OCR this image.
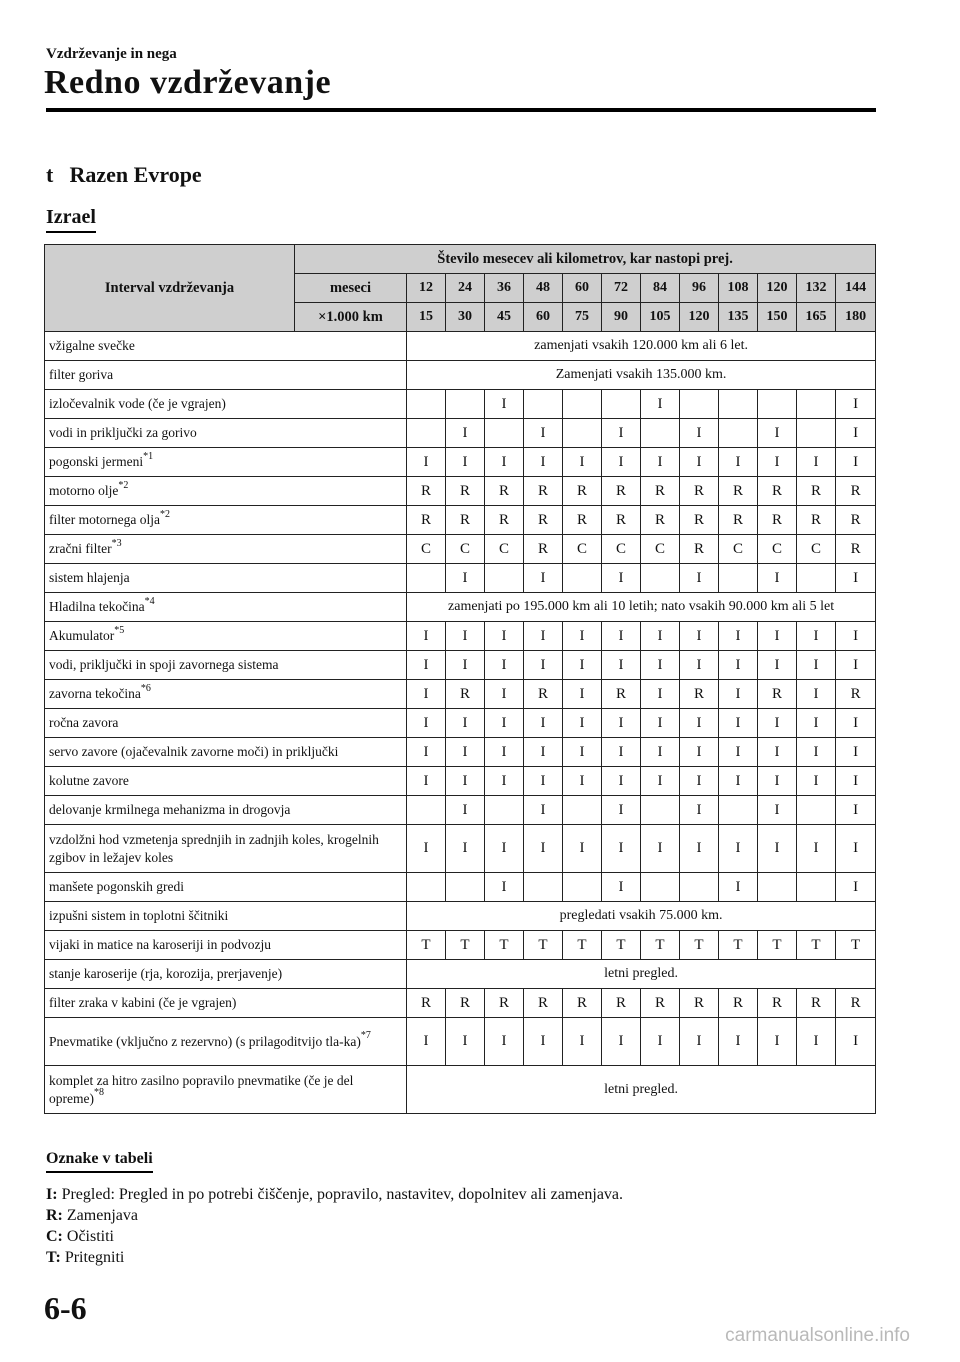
Vzdrževanje in nega
Redno vzdrževanje
t Razen Evrope
Izrael
Interval vzdrževanja	Število mesecev ali kilometrov, kar nastopi prej.												
	meseci	12	24	36	48	60	72	84	96	108	120	132	144
	×1.000 km	15	30	45	60	75	90	105	120	135	150	165	180
vžigalne svečke		zamenjati vsakih 120.000 km ali 6 let.											
filter goriva		Zamenjati vsakih 135.000 km.											
izločevalnik vode (če je vgrajen)				I				I					I
vodi in priključki za gorivo			I		I		I		I		I		I
pogonski jermeni$^{*1}$		I	I	I	I	I	I	I	I	I	I	I	I
motorno olje$^{*2}$		R	R	R	R	R	R	R	R	R	R	R	R
filter motornega olja$^{*2}$		R	R	R	R	R	R	R	R	R	R	R	R
zračni filter$^{*3}$		C	C	C	R	C	C	C	R	C	C	C	R
sistem hlajenja			I		I		I		I		I		I
Hladilna tekočina$^{*4}$		zamenjati po 195.000 km ali 10 letih; nato vsakih 90.000 km ali 5 let											
Akumulator$^{*5}$		I	I	I	I	I	I	I	I	I	I	I	I
vodi, priključki in spoji zavornega sistema		I	I	I	I	I	I	I	I	I	I	I	I
zavorna tekočina$^{*6}$		I	R	I	R	I	R	I	R	I	R	I	R
ročna zavora		I	I	I	I	I	I	I	I	I	I	I	I
servo zavore (ojačevalnik zavorne moči) in priključki		I	I	I	I	I	I	I	I	I	I	I	I
kolutne zavore		I	I	I	I	I	I	I	I	I	I	I	I
delovanje krmilnega mehanizma in drogovja			I		I		I		I		I		I
vzdolžni hod vzmetenja sprednjih in zadnjih koles, krogelnih zgibov in ležajev koles		I	I	I	I	I	I	I	I	I	I	I	I
manšete pogonskih gredi				I			I			I			I
izpušni sistem in toplotni ščitniki		pregledati vsakih 75.000 km.											
vijaki in matice na karoseriji in podvozju		T	T	T	T	T	T	T	T	T	T	T	T
stanje karoserije (rja, korozija, prerjavenje)		letni pregled.											
filter zraka v kabini (če je vgrajen)		R	R	R	R	R	R	R	R	R	R	R	R
Pnevmatike (vključno z rezervno) (s prilagoditvijo tla-ka)$^{*7}$		I	I	I	I	I	I	I	I	I	I	I	I
komplet za hitro zasilno popravilo pnevmatike (če je del opreme)$^{*8}$		letni pregled.											
Oznake v tabeli
I: Pregled: Pregled in po potrebi čiščenje, popravilo, nastavitev, dopolnitev ali zamenjava.
R: Zamenjava
C: Očistiti
T: Pritegniti
6-6
carmanualsonline.info
